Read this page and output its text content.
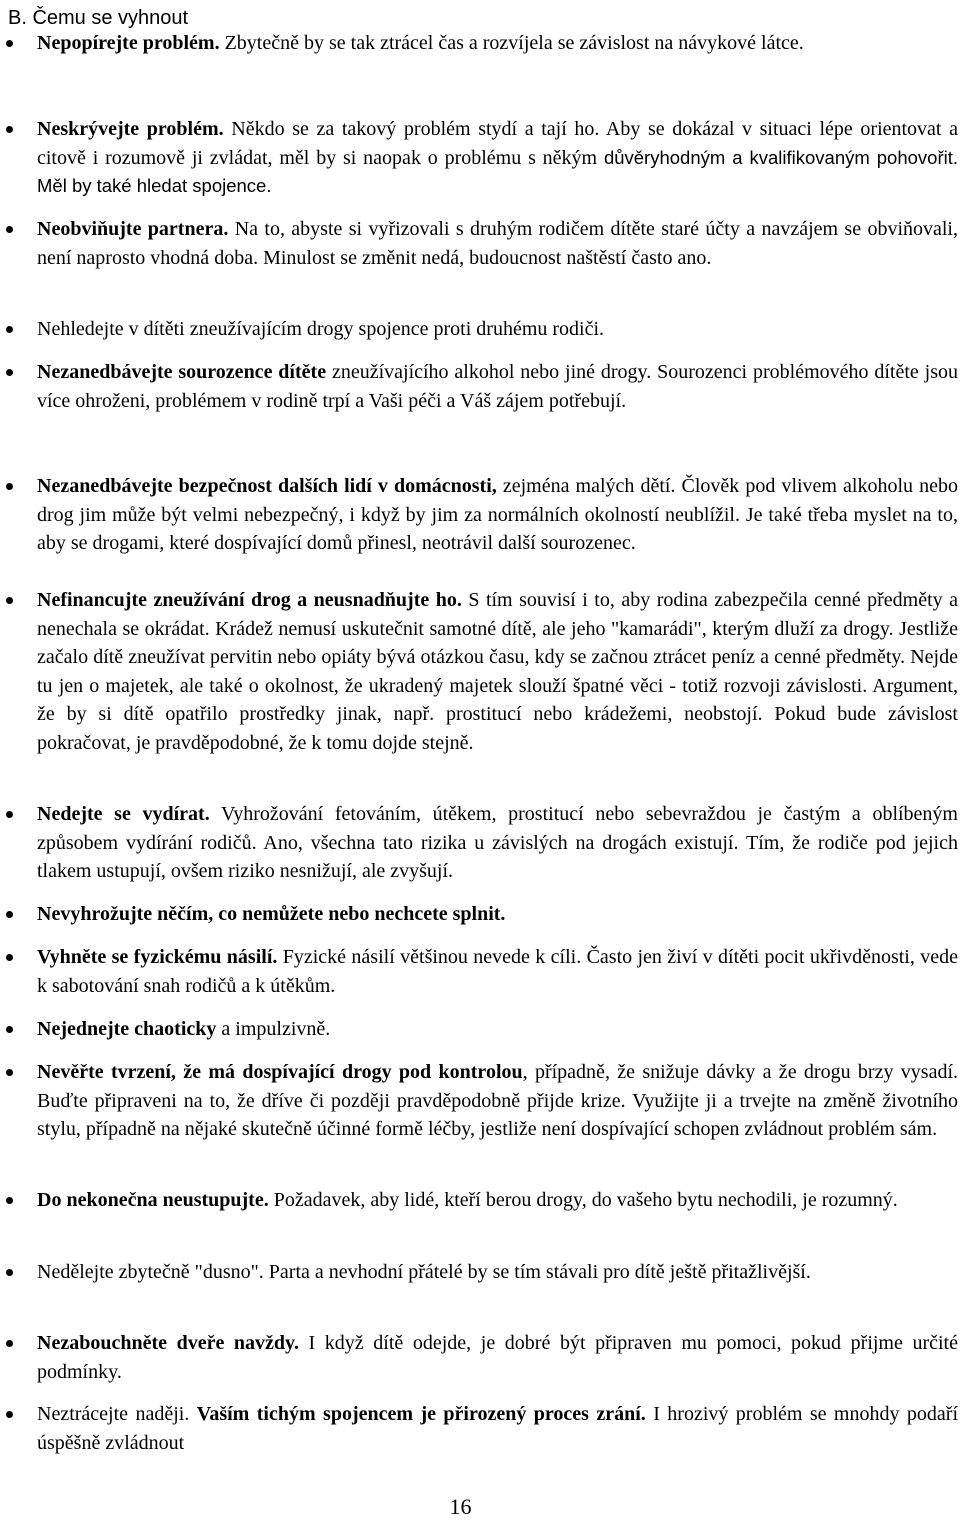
B. Čemu se vyhnout
Nepopírejte problém. Zbytečně by se tak ztrácel čas a rozvíjela se závislost na návykové látce.
Neskrývejte problém. Někdo se za takový problém stydí a tají ho. Aby se dokázal v situaci lépe orientovat a citově i rozumově ji zvládat, měl by si naopak o problému s někým důvěryhodným a kvalifikovaným pohovořit. Měl by také hledat spojence.
Neobviňujte partnera. Na to, abyste si vyřizovali s druhým rodičem dítěte staré účty a navzájem se obviňovali, není naprosto vhodná doba. Minulost se změnit nedá, budoucnost naštěstí často ano.
Nehledejte v dítěti zneužívajícím drogy spojence proti druhému rodiči.
Nezanedbávejte sourozence dítěte zneužívajícího alkohol nebo jiné drogy. Sourozenci problémového dítěte jsou více ohroženi, problémem v rodině trpí a Vaši péči a Váš zájem potřebují.
Nezanedbávejte bezpečnost dalších lidí v domácnosti, zejména malých dětí. Člověk pod vlivem alkoholu nebo drog jim může být velmi nebezpečný, i když by jim za normálních okolností neublížil. Je také třeba myslet na to, aby se drogami, které dospívající domů přinesl, neotrávil další sourozenec.
Nefinancujte zneužívání drog a neusnadňujte ho. S tím souvisí i to, aby rodina zabezpečila cenné předměty a nenechala se okrádat. Krádež nemusí uskutečnit samotné dítě, ale jeho "kamarádi", kterým dluží za drogy. Jestliže začalo dítě zneužívat pervitin nebo opiáty bývá otázkou času, kdy se začnou ztrácet peníz a cenné předměty. Nejde tu jen o majetek, ale také o okolnost, že ukradený majetek slouží špatné věci - totiž rozvoji závislosti. Argument, že by si dítě opatřilo prostředky jinak, např. prostitucí nebo krádežemi, neobstojí. Pokud bude závislost pokračovat, je pravděpodobné, že k tomu dojde stejně.
Nedejte se vydírat. Vyhrožování fetováním, útěkem, prostitucí nebo sebevraždou je častým a oblíbeným způsobem vydírání rodičů. Ano, všechna tato rizika u závislých na drogách existují. Tím, že rodiče pod jejich tlakem ustupují, ovšem riziko nesnižují, ale zvyšují.
Nevyhrožujte něčím, co nemůžete nebo nechcete splnit.
Vyhněte se fyzickému násilí. Fyzické násilí většinou nevede k cíli. Často jen živí v dítěti pocit ukřivděnosti, vede k sabotování snah rodičů a k útěkům.
Nejednejte chaoticky a impulzivně.
Nevěřte tvrzení, že má dospívající drogy pod kontrolou, případně, že snižuje dávky a že drogu brzy vysadí. Buďte připraveni na to, že dříve či později pravděpodobně přijde krize. Využijte ji a trvejte na změně životního stylu, případně na nějaké skutečně účinné formě léčby, jestliže není dospívající schopen zvládnout problém sám.
Do nekonečna neustupujte. Požadavek, aby lidé, kteří berou drogy, do vašeho bytu nechodili, je rozumný.
Nedělejte zbytečně "dusno". Parta a nevhodní přátelé by se tím stávali pro dítě ještě přitažlivější.
Nezabouchněte dveře navždy. I když dítě odejde, je dobré být připraven mu pomoci, pokud přijme určité podmínky.
Neztrácejte naději. Vaším tichým spojencem je přirozený proces zrání. I hrozivý problém se mnohdy podaří úspěšně zvládnout
16
